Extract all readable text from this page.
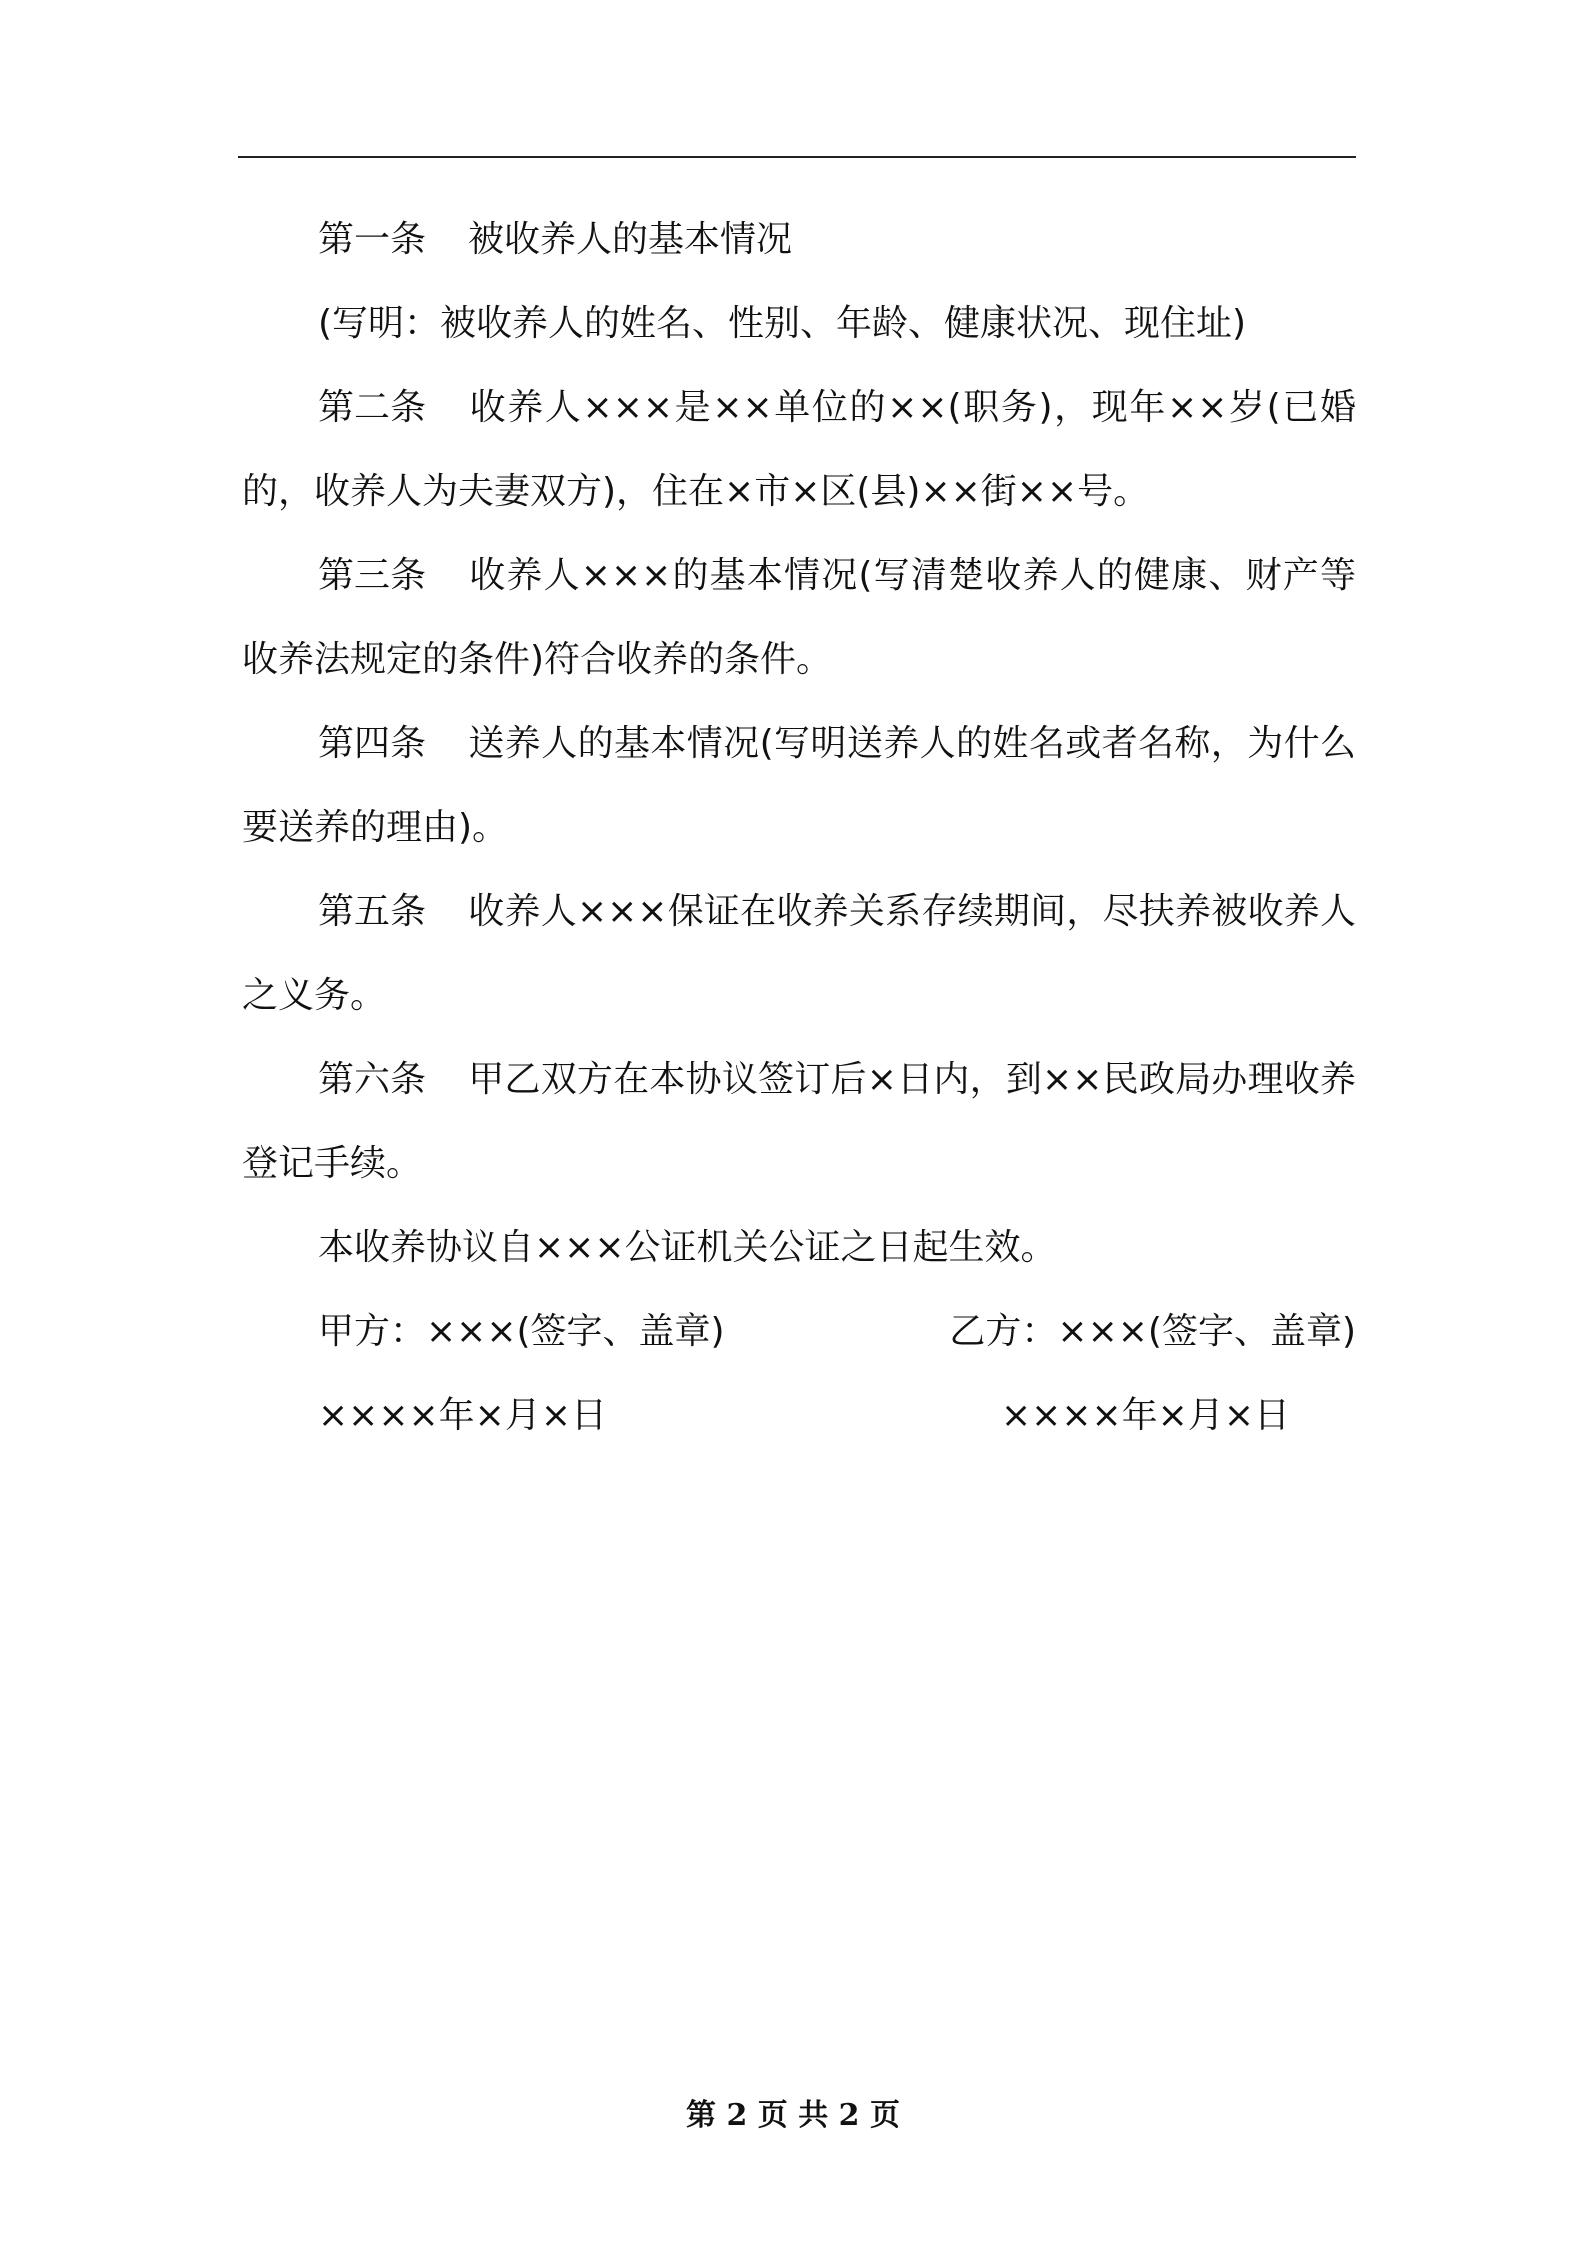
第一条 被收养人的基本情况

(写明：被收养人的姓名、性别、年龄、健康状况、现住址)

第二条 收养人×××是××单位的××(职务)，现年××岁(已婚的，收养人为夫妻双方)，住在×市×区(县)××街××号。

第三条 收养人×××的基本情况(写清楚收养人的健康、财产等收养法规定的条件)符合收养的条件。

第四条 送养人的基本情况(写明送养人的姓名或者名称，为什么要送养的理由)。

第五条 收养人×××保证在收养关系存续期间，尽扶养被收养人之义务。

第六条 甲乙双方在本协议签订后×日内，到××民政局办理收养登记手续。

本收养协议自×××公证机关公证之日起生效。

甲方：×××(签字、盖章)	乙方：×××(签字、盖章)
××××年×月×日	××××年×月×日
第 2 页 共 2 页
